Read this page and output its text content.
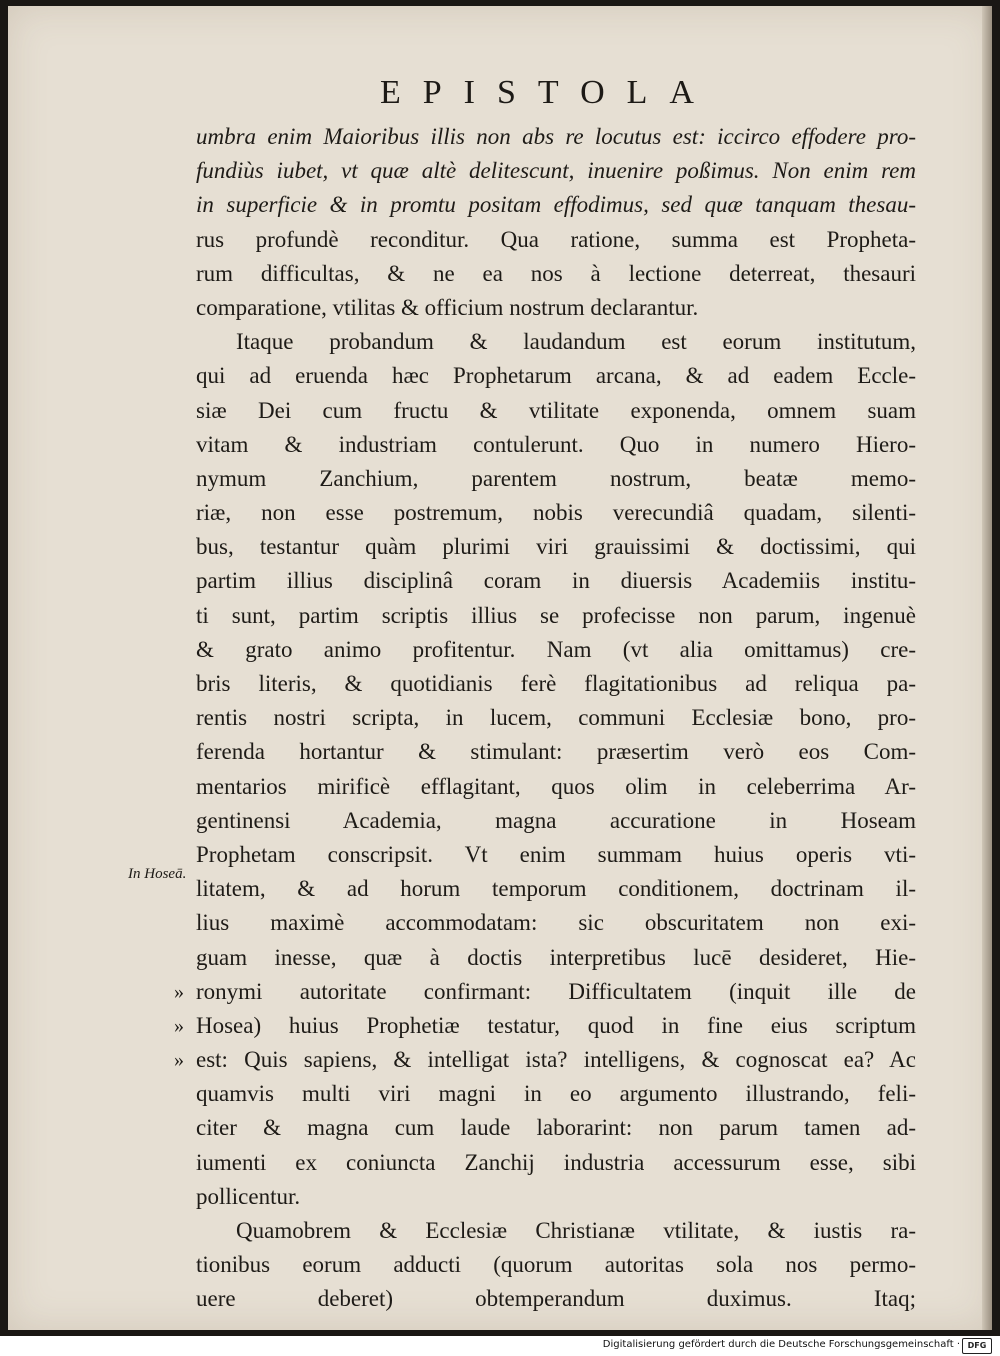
EPISTOLA
In Hoseā.
umbra enim Maioribus illis non abs re locutus est: iccirco effodere pro-
fundiùs iubet, vt quæ altè delitescunt, inuenire poßimus. Non enim rem
in superficie & in promtu positam effodimus, sed quæ tanquam thesau-
rus profundè reconditur. Qua ratione, summa est Propheta-
rum difficultas, & ne ea nos à lectione deterreat, thesauri
comparatione, vtilitas & officium nostrum declarantur.
Itaque probandum & laudandum est eorum institutum,
qui ad eruenda hæc Prophetarum arcana, & ad eadem Eccle-
siæ Dei cum fructu & vtilitate exponenda, omnem suam
vitam & industriam contulerunt. Quo in numero Hiero-
nymum Zanchium, parentem nostrum, beatæ memo-
riæ, non esse postremum, nobis verecundiâ quadam, silenti-
bus, testantur quàm plurimi viri grauissimi & doctissimi, qui
partim illius disciplinâ coram in diuersis Academiis institu-
ti sunt, partim scriptis illius se profecisse non parum, ingenuè
& grato animo profitentur. Nam (vt alia omittamus) cre-
bris literis, & quotidianis ferè flagitationibus ad reliqua pa-
rentis nostri scripta, in lucem, communi Ecclesiæ bono, pro-
ferenda hortantur & stimulant: præsertim verò eos Com-
mentarios mirificè efflagitant, quos olim in celeberrima Ar-
gentinensi Academia, magna accuratione in Hoseam
Prophetam conscripsit. Vt enim summam huius operis vti-
litatem, & ad horum temporum conditionem, doctrinam il-
lius maximè accommodatam: sic obscuritatem non exi-
guam inesse, quæ à doctis interpretibus lucē desideret, Hie-
» ronymi autoritate confirmant: Difficultatem (inquit ille de
» Hosea) huius Prophetiæ testatur, quod in fine eius scriptum
» est: Quis sapiens, & intelligat ista? intelligens, & cognoscat ea? Ac
quamvis multi viri magni in eo argumento illustrando, feli-
citer & magna cum laude laborarint: non parum tamen ad-
iumenti ex coniuncta Zanchij industria accessurum esse, sibi
pollicentur.
Quamobrem & Ecclesiæ Christianæ vtilitate, & iustis ra-
tionibus eorum adducti (quorum autoritas sola nos permo-
uere deberet) obtemperandum duximus. Itaq;
Digitalisierung gefördert durch die Deutsche Forschungsgemeinschaft · DFG
